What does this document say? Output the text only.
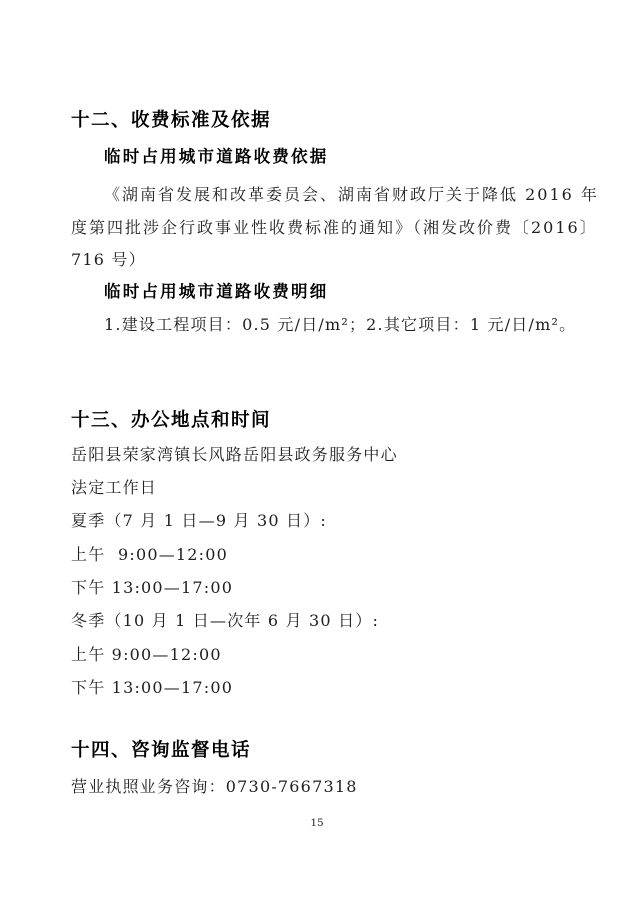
十二、收费标准及依据
临时占用城市道路收费依据
《湖南省发展和改革委员会、湖南省财政厅关于降低 2016 年
度第四批涉企行政事业性收费标准的通知》（湘发改价费〔2016〕
716 号）
临时占用城市道路收费明细
1.建设工程项目：0.5 元/日/m²；2.其它项目：1 元/日/m²。
十三、办公地点和时间
岳阳县荣家湾镇长风路岳阳县政务服务中心
法定工作日
夏季（7 月 1 日—9 月 30 日）:
上午  9:00—12:00
下午 13:00—17:00
冬季（10 月 1 日—次年 6 月 30 日）:
上午 9:00—12:00
下午 13:00—17:00
十四、咨询监督电话
营业执照业务咨询：0730-7667318
15
